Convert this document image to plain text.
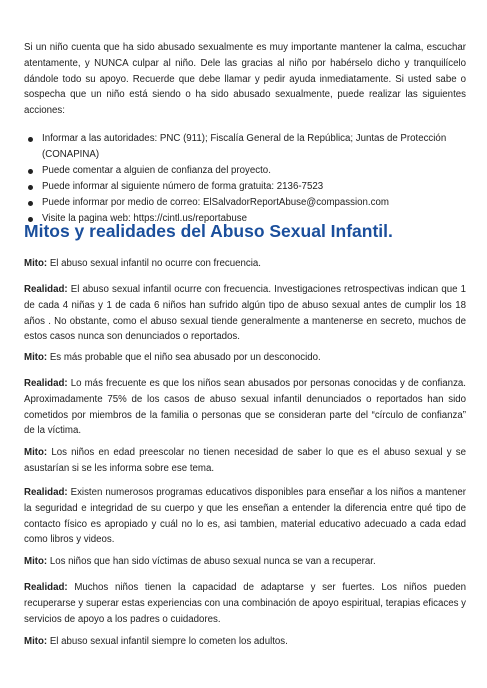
Si un niño cuenta que ha sido abusado sexualmente es muy importante mantener la calma, escuchar atentamente, y NUNCA culpar al niño. Dele las gracias al niño por habérselo dicho y tranquilícelo dándole todo su apoyo. Recuerde que debe llamar y pedir ayuda inmediatamente. Si usted sabe o sospecha que un niño está siendo o ha sido abusado sexualmente, puede realizar las siguientes acciones:

Informar a las autoridades: PNC (911); Fiscalía General de la República; Juntas de Protección (CONAPINA)
Puede comentar a alguien de confianza del proyecto.
Puede informar al siguiente número de forma gratuita: 2136-7523
Puede informar por medio de correo: ElSalvadorReportAbuse@compassion.com
Visite la pagina web: https://cintl.us/reportabuse
Mitos y realidades del Abuso Sexual Infantil.

Mito: El abuso sexual infantil no ocurre con frecuencia.

Realidad: El abuso sexual infantil ocurre con frecuencia. Investigaciones retrospectivas indican que 1 de cada 4 niñas y 1 de cada 6 niños han sufrido algún tipo de abuso sexual antes de cumplir los 18 años . No obstante, como el abuso sexual tiende generalmente a mantenerse en secreto, muchos de estos casos nunca son denunciados o reportados.

Mito: Es más probable que el niño sea abusado por un desconocido.

Realidad: Lo más frecuente es que los niños sean abusados por personas conocidas y de confianza. Aproximadamente 75% de los casos de abuso sexual infantil denunciados o reportados han sido cometidos por miembros de la familia o personas que se consideran parte del “círculo de confianza” de la víctima.

Mito: Los niños en edad preescolar no tienen necesidad de saber lo que es el abuso sexual y se asustarían si se les informa sobre ese tema.

Realidad: Existen numerosos programas educativos disponibles para enseñar a los niños a mantener la seguridad e integridad de su cuerpo y que les enseñan a entender la diferencia entre qué tipo de contacto físico es apropiado y cuál no lo es, asi tambien, material educativo adecuado a cada edad como libros y videos.

Mito: Los niños que han sido víctimas de abuso sexual nunca se van a recuperar.

Realidad: Muchos niños tienen la capacidad de adaptarse y ser fuertes. Los niños pueden recuperarse y superar estas experiencias con una combinación de apoyo espiritual, terapias eficaces y servicios de apoyo a los padres o cuidadores.

Mito: El abuso sexual infantil siempre lo cometen los adultos.
